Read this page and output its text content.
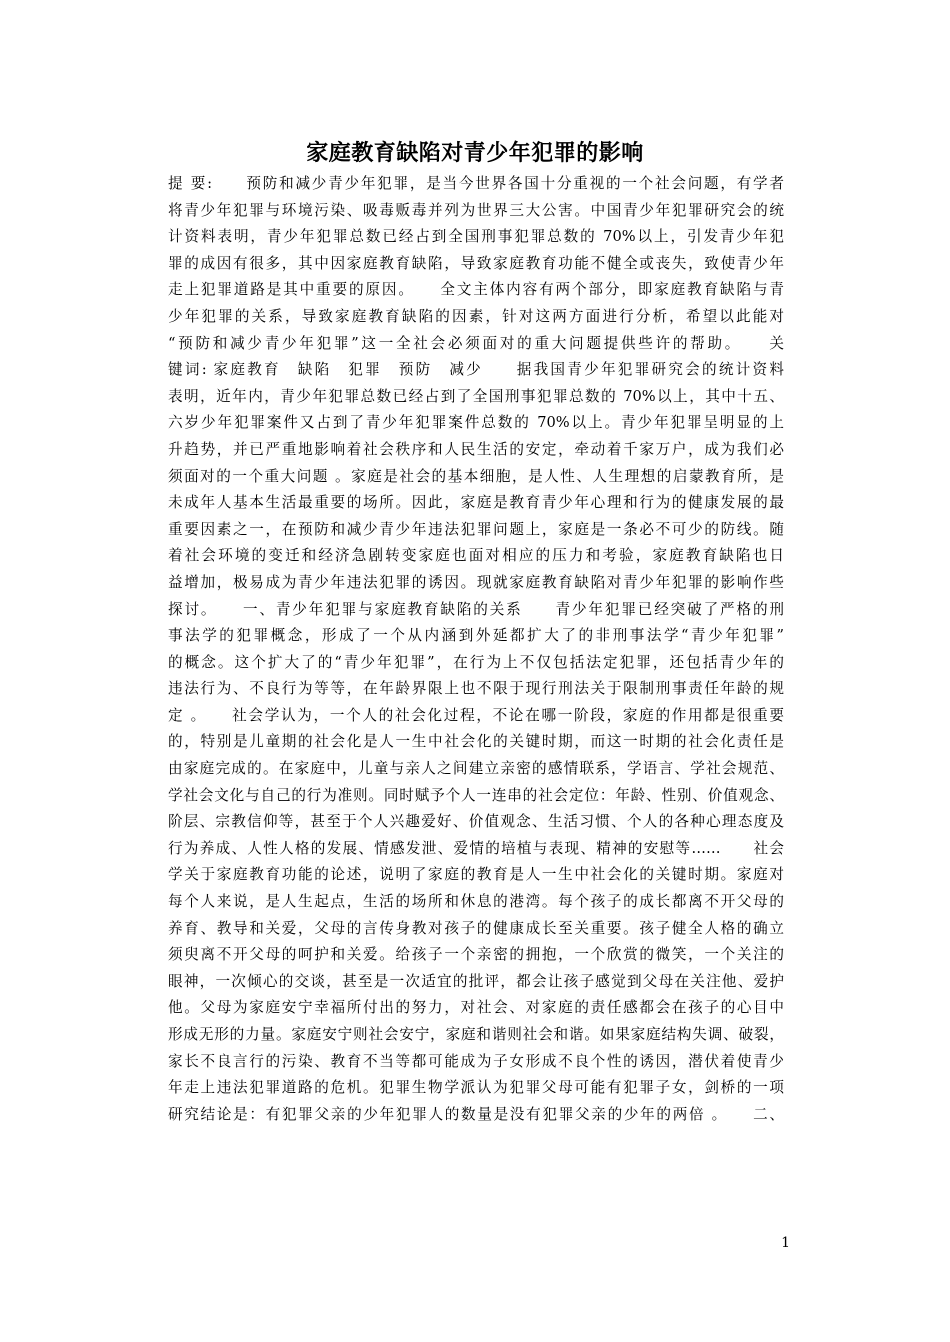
家庭教育缺陷对青少年犯罪的影响
提 要:　　预防和减少青少年犯罪，是当今世界各国十分重视的一个社会问题，有学者
将青少年犯罪与环境污染、吸毒贩毒并列为世界三大公害。中国青少年犯罪研究会的统
计资料表明，青少年犯罪总数已经占到全国刑事犯罪总数的 70%以上，引发青少年犯
罪的成因有很多，其中因家庭教育缺陷，导致家庭教育功能不健全或丧失，致使青少年
走上犯罪道路是其中重要的原因。　　全文主体内容有两个部分，即家庭教育缺陷与青
少年犯罪的关系，导致家庭教育缺陷的因素，针对这两方面进行分析，希望以此能对
“预防和减少青少年犯罪”这一全社会必须面对的重大问题提供些许的帮助。　　关
键词: 家庭教育　缺陷　犯罪　预防　减少　　据我国青少年犯罪研究会的统计资料
表明，近年内，青少年犯罪总数已经占到了全国刑事犯罪总数的 70%以上，其中十五、
六岁少年犯罪案件又占到了青少年犯罪案件总数的 70%以上。青少年犯罪呈明显的上
升趋势，并已严重地影响着社会秩序和人民生活的安定，牵动着千家万户，成为我们必
须面对的一个重大问题 。家庭是社会的基本细胞，是人性、人生理想的启蒙教育所，是
未成年人基本生活最重要的场所。因此，家庭是教育青少年心理和行为的健康发展的最
重要因素之一，在预防和减少青少年违法犯罪问题上，家庭是一条必不可少的防线。随
着社会环境的变迁和经济急剧转变家庭也面对相应的压力和考验，家庭教育缺陷也日
益增加，极易成为青少年违法犯罪的诱因。现就家庭教育缺陷对青少年犯罪的影响作些
探讨。　　一、青少年犯罪与家庭教育缺陷的关系　　青少年犯罪已经突破了严格的刑
事法学的犯罪概念，形成了一个从内涵到外延都扩大了的非刑事法学“青少年犯罪”
的概念。这个扩大了的“青少年犯罪”，在行为上不仅包括法定犯罪，还包括青少年的
违法行为、不良行为等等，在年龄界限上也不限于现行刑法关于限制刑事责任年龄的规
定 。　　社会学认为，一个人的社会化过程，不论在哪一阶段，家庭的作用都是很重要
的，特别是儿童期的社会化是人一生中社会化的关键时期，而这一时期的社会化责任是
由家庭完成的。在家庭中，儿童与亲人之间建立亲密的感情联系，学语言、学社会规范、
学社会文化与自己的行为准则。同时赋予个人一连串的社会定位：年龄、性别、价值观念、
阶层、宗教信仰等，甚至于个人兴趣爱好、价值观念、生活习惯、个人的各种心理态度及
行为养成、人性人格的发展、情感发泄、爱情的培植与表现、精神的安慰等……　　社会
学关于家庭教育功能的论述，说明了家庭的教育是人一生中社会化的关键时期。家庭对
每个人来说，是人生起点，生活的场所和休息的港湾。每个孩子的成长都离不开父母的
养育、教导和关爱，父母的言传身教对孩子的健康成长至关重要。孩子健全人格的确立
须臾离不开父母的呵护和关爱。给孩子一个亲密的拥抱，一个欣赏的微笑，一个关注的
眼神，一次倾心的交谈，甚至是一次适宜的批评，都会让孩子感觉到父母在关注他、爱护
他。父母为家庭安宁幸福所付出的努力，对社会、对家庭的责任感都会在孩子的心目中
形成无形的力量。家庭安宁则社会安宁，家庭和谐则社会和谐。如果家庭结构失调、破裂，
家长不良言行的污染、教育不当等都可能成为子女形成不良个性的诱因，潜伏着使青少
年走上违法犯罪道路的危机。犯罪生物学派认为犯罪父母可能有犯罪子女，剑桥的一项
研究结论是：有犯罪父亲的少年犯罪人的数量是没有犯罪父亲的少年的两倍 。　　二、
1
